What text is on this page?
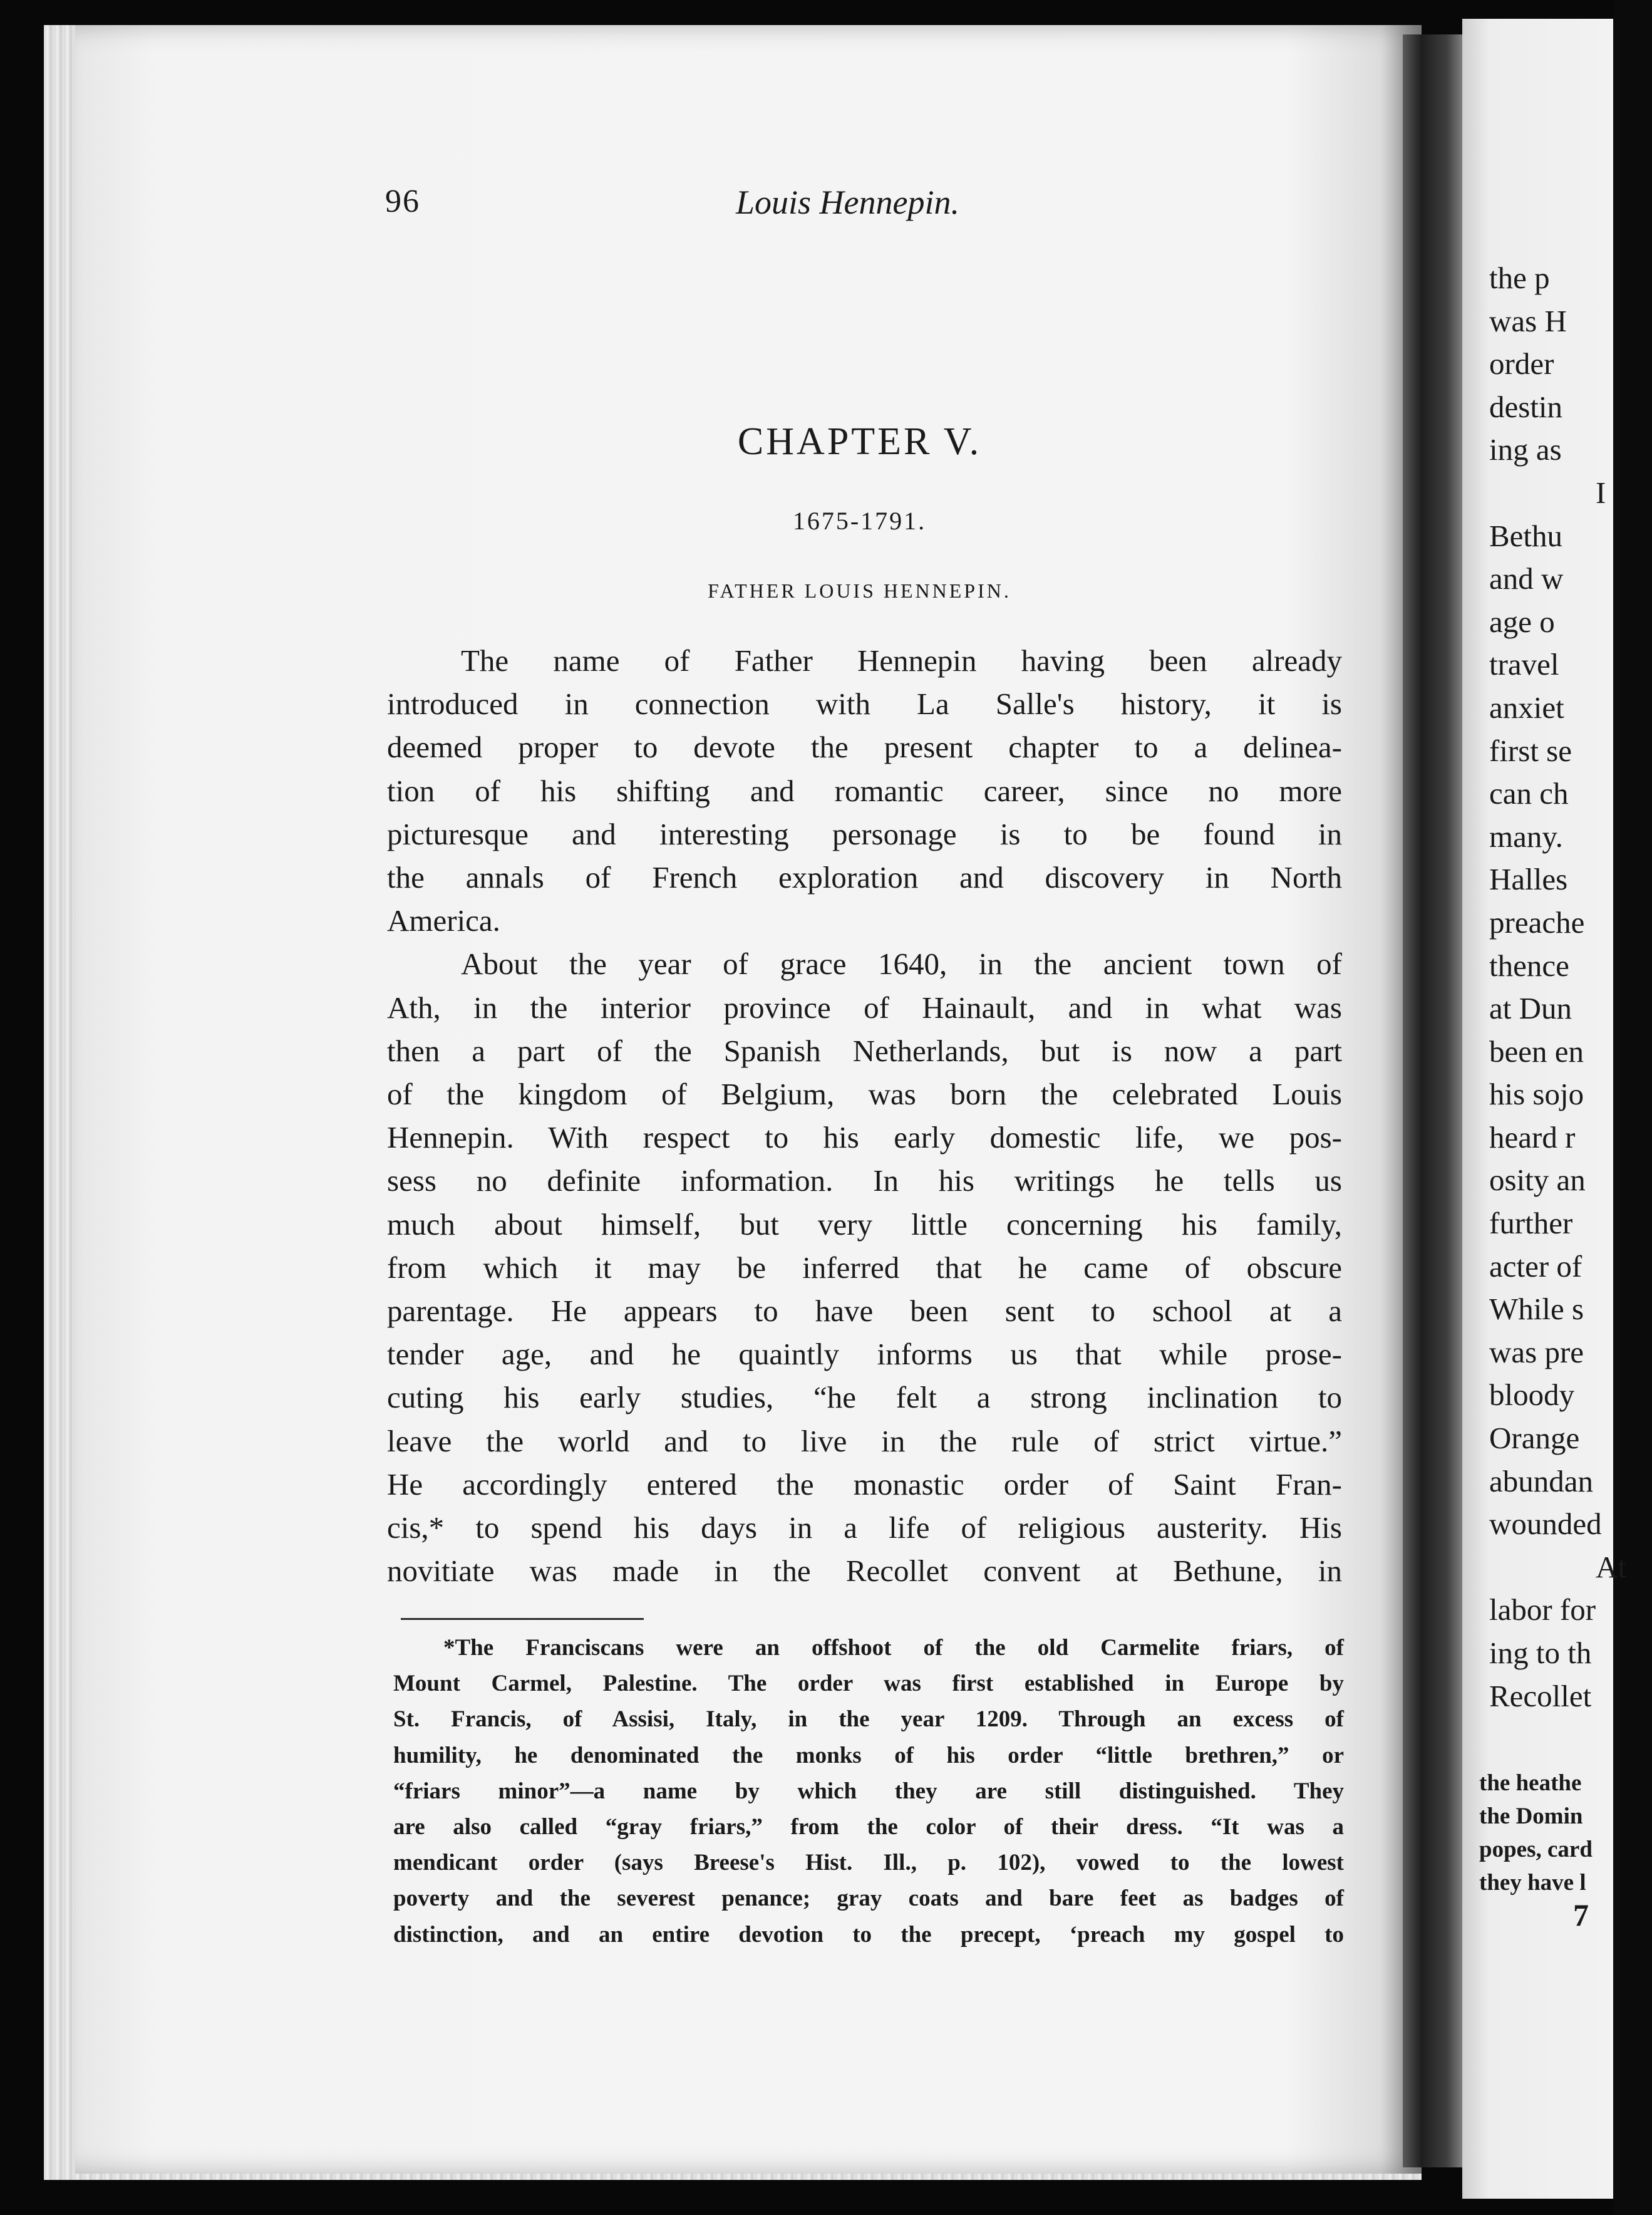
96	Louis Hennepin.
CHAPTER V.
1675-1791.
FATHER LOUIS HENNEPIN.
The name of Father Hennepin having been already
introduced in connection with La Salle's history, it is
deemed proper to devote the present chapter to a delinea-
tion of his shifting and romantic career, since no more
picturesque and interesting personage is to be found in
the annals of French exploration and discovery in North
America.
About the year of grace 1640, in the ancient town of
Ath, in the interior province of Hainault, and in what was
then a part of the Spanish Netherlands, but is now a part
of the kingdom of Belgium, was born the celebrated Louis
Hennepin. With respect to his early domestic life, we pos-
sess no definite information. In his writings he tells us
much about himself, but very little concerning his family,
from which it may be inferred that he came of obscure
parentage. He appears to have been sent to school at a
tender age, and he quaintly informs us that while prose-
cuting his early studies, “he felt a strong inclination to
leave the world and to live in the rule of strict virtue.”
He accordingly entered the monastic order of Saint Fran-
cis,* to spend his days in a life of religious austerity. His
novitiate was made in the Recollet convent at Bethune, in
*The Franciscans were an offshoot of the old Carmelite friars, of
Mount Carmel, Palestine. The order was first established in Europe by
St. Francis, of Assisi, Italy, in the year 1209. Through an excess of
humility, he denominated the monks of his order “little brethren,” or
“friars minor”—a name by which they are still distinguished. They
are also called “gray friars,” from the color of their dress. “It was a
mendicant order (says Breese's Hist. Ill., p. 102), vowed to the lowest
poverty and the severest penance; gray coats and bare feet as badges of
distinction, and an entire devotion to the precept, ‘preach my gospel to
the p
was H
order
destin
ing as
I
Bethu
and w
age o
travel
anxiet
first se
can ch
many.
Halles
preache
thence
at Dun
been en
his sojo
heard r
osity an
further
acter of
While s
was pre
bloody
Orange
abundan
wounded
At
labor for
ing to th
Recollet
the heathe
the Domin
popes, card
they have l
7
